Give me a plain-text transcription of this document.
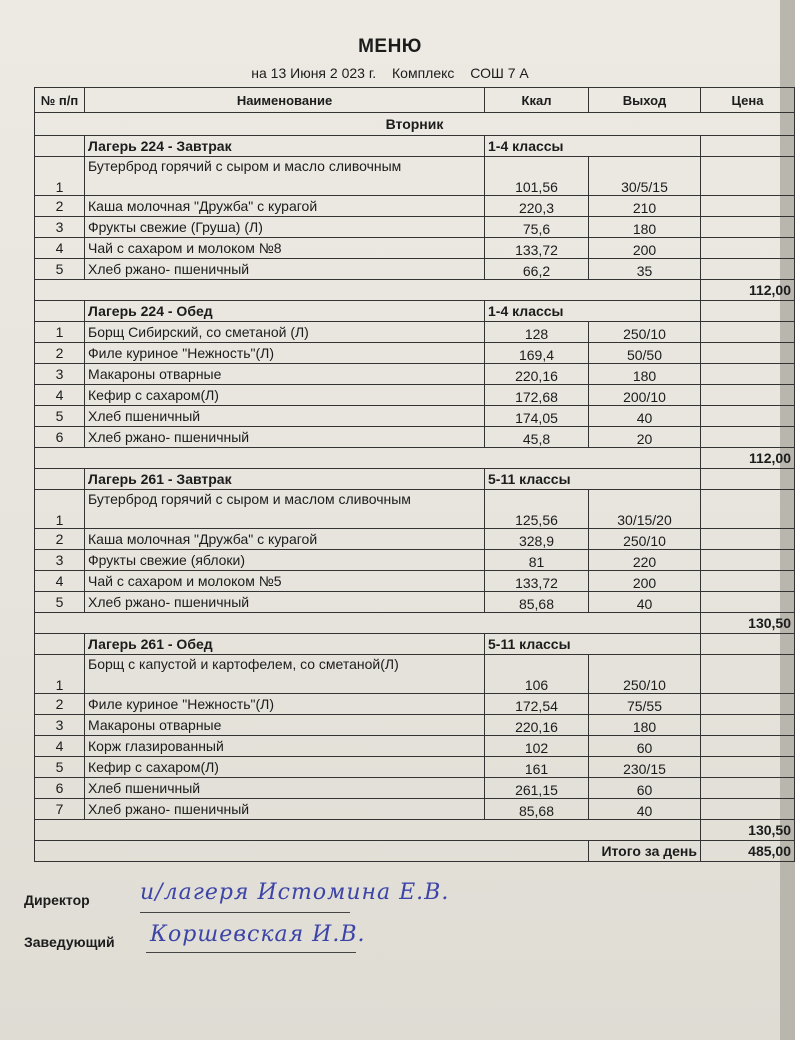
МЕНЮ
на 13 Июня 2 023 г. Комплекс СОШ 7 А
№ п/п	Наименование	Ккал	Выход	Цена
Вторник				
	Лагерь 224 - Завтрак	1-4 классы		
1	Бутерброд горячий с сыром и масло сливочным	101,56	30/5/15	
2	Каша молочная "Дружба" с курагой	220,3	210	
3	Фрукты свежие (Груша) (Л)	75,6	180	
4	Чай с сахаром и молоком №8	133,72	200	
5	Хлеб ржано- пшеничный	66,2	35	
				112,00
	Лагерь 224 - Обед	1-4 классы		
1	Борщ Сибирский, со сметаной (Л)	128	250/10	
2	Филе куриное "Нежность"(Л)	169,4	50/50	
3	Макароны отварные	220,16	180	
4	Кефир с сахаром(Л)	172,68	200/10	
5	Хлеб пшеничный	174,05	40	
6	Хлеб ржано- пшеничный	45,8	20	
				112,00
	Лагерь 261 - Завтрак	5-11 классы		
1	Бутерброд горячий с сыром и маслом сливочным	125,56	30/15/20	
2	Каша молочная "Дружба" с курагой	328,9	250/10	
3	Фрукты свежие (яблоки)	81	220	
4	Чай с сахаром и молоком №5	133,72	200	
5	Хлеб ржано- пшеничный	85,68	40	
				130,50
	Лагерь 261 - Обед	5-11 классы		
1	Борщ с капустой и картофелем, со сметаной(Л)	106	250/10	
2	Филе куриное "Нежность"(Л)	172,54	75/55	
3	Макароны отварные	220,16	180	
4	Корж глазированный	102	60	
5	Кефир с сахаром(Л)	161	230/15	
6	Хлеб пшеничный	261,15	60	
7	Хлеб ржано- пшеничный	85,68	40	
				130,50
			Итого за день	485,00
Директор и/лагеря Истомина Е.В.
Заведующий Коршевская И.В.
